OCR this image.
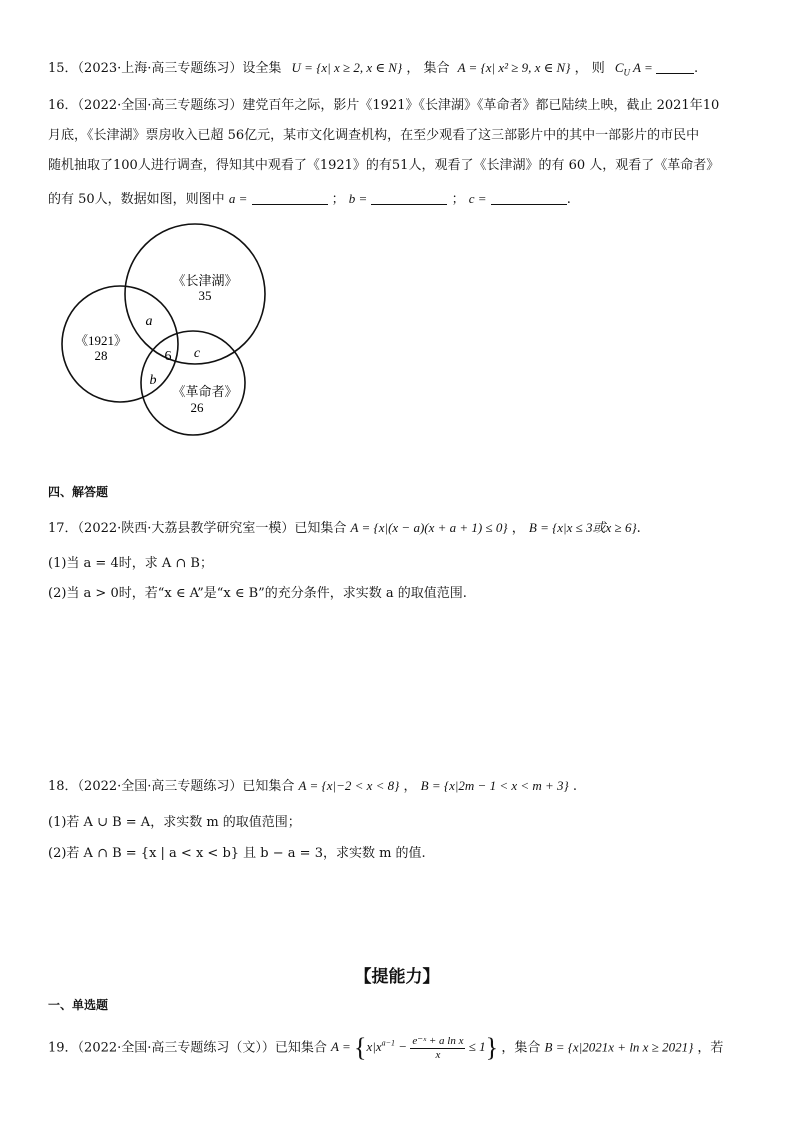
15．（2023·上海·高三专题练习）设全集 U = {x| x ≥ 2, x ∈ N} ， 集合 A = {x| x² ≥ 9, x ∈ N} ， 则 $C_U$ A =	.
16．（2022·全国·高三专题练习）建党百年之际，影片《1921》《长津湖》《革命者》都已陆续上映，截止 2021年10
月底，《长津湖》票房收入已超 56亿元，某市文化调查机构，在至少观看了这三部影片中的其中一部影片的市民中
随机抽取了100人进行调查，得知其中观看了《1921》的有51人，观看了《长津湖》的有 60 人，观看了《革命者》
的有 50人，数据如图，则图中 a =	； b =	； c =	.
《长津湖》
35
《1921》
28
《革命者》
26
a
c
b
6
四、解答题
17．（2022·陕西·大荔县教学研究室一模）已知集合 A = {x|(x − a)(x + a + 1) ≤ 0} ， B = {x|x ≤ 3或x ≥ 6}.
(1)当 a = 4时，求 A ∩ B；
(2)当 a > 0时，若“x ∈ A”是“x ∈ B”的充分条件，求实数 a 的取值范围.
18．（2022·全国·高三专题练习）已知集合 A = {x|−2 < x < 8} ， B = {x|2m − 1 < x < m + 3} .
(1)若 A ∪ B = A，求实数 m 的取值范围；
(2)若 A ∩ B = {x | a < x < b} 且 b − a = 3，求实数 m 的值.
【提能力】
一、单选题
19．（2022·全国·高三专题练习（文））已知集合 $A = \{x|x^{a-1} - \frac{\text{e⁻ˣ + a ln x}}{x} \le 1\}$ ，集合 B = {x|2021x + ln x ≥ 2021} ，若
